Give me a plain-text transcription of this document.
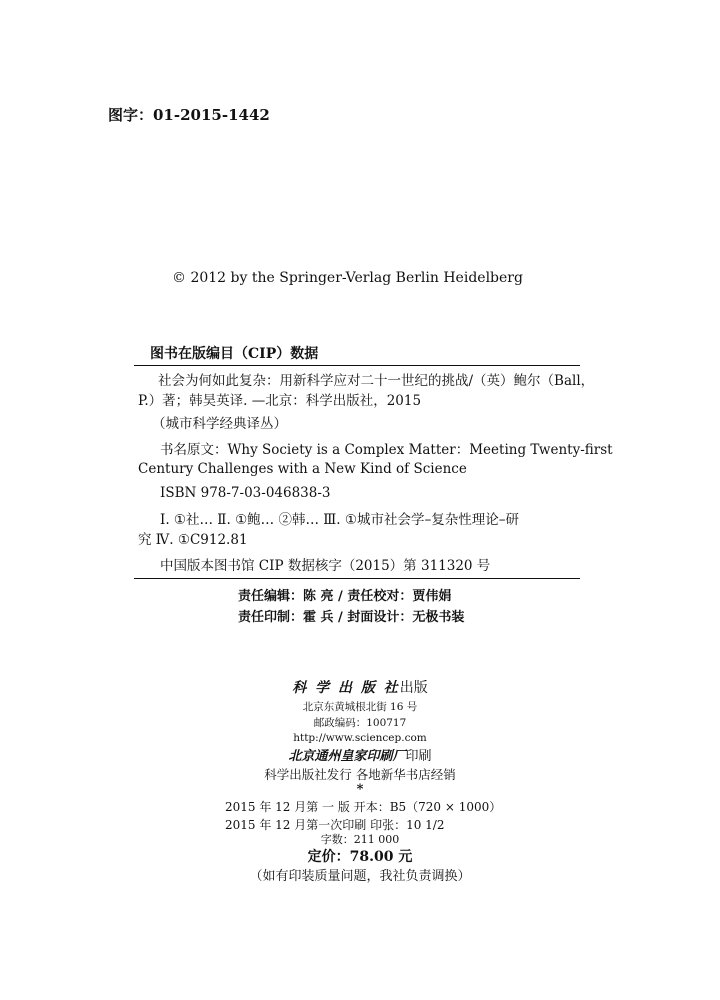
图字：01-2015-1442
© 2012 by the Springer-Verlag Berlin Heidelberg
图书在版编目（CIP）数据
社会为何如此复杂：用新科学应对二十一世纪的挑战/（英）鲍尔（Ball，
P.）著；韩昊英译. —北京：科学出版社，2015
（城市科学经典译丛）
书名原文：Why Society is a Complex Matter：Meeting Twenty-first
Century Challenges with a New Kind of Science
ISBN 978-7-03-046838-3
Ⅰ. ①社… Ⅱ. ①鲍… ②韩… Ⅲ. ①城市社会学–复杂性理论–研
究 Ⅳ. ①C912.81
中国版本图书馆 CIP 数据核字（2015）第 311320 号
责任编辑：陈 亮 / 责任校对：贾伟娟
责任印制：霍 兵 / 封面设计：无极书装
科 学 出 版 社出版
北京东黄城根北街 16 号
邮政编码：100717
http://www.sciencep.com
北京通州皇家印刷厂印刷
科学出版社发行 各地新华书店经销
*
2015 年 12 月第 一 版 开本：B5（720 × 1000）
2015 年 12 月第一次印刷 印张：10 1/2
字数：211 000
定价：78.00 元
（如有印装质量问题，我社负责调换）
